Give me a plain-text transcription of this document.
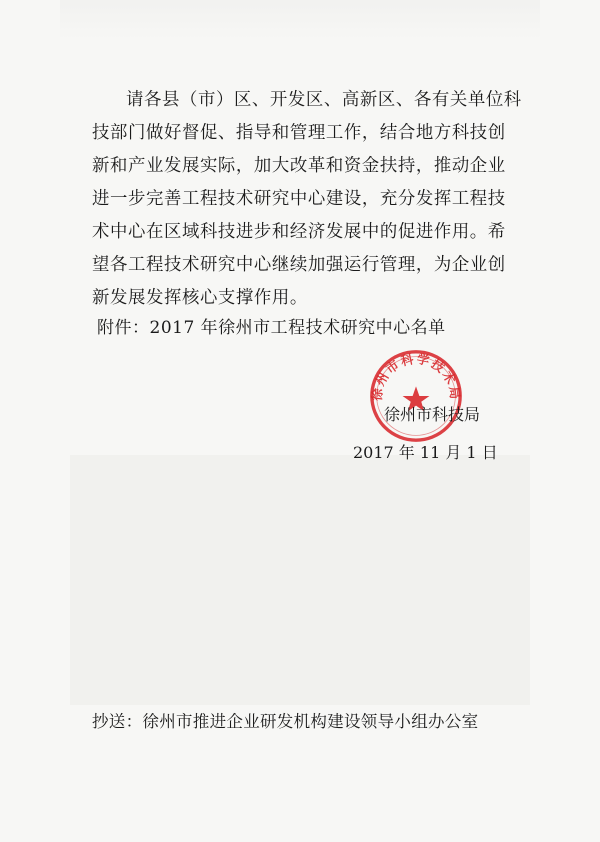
请各县（市）区、开发区、高新区、各有关单位科技部门做好督促、指导和管理工作，结合地方科技创新和产业发展实际，加大改革和资金扶持，推动企业进一步完善工程技术研究中心建设，充分发挥工程技术中心在区域科技进步和经济发展中的促进作用。希望各工程技术研究中心继续加强运行管理，为企业创新发展发挥核心支撑作用。

附件：2017 年徐州市工程技术研究中心名单
徐州市科学技术局
徐州市科技局
2017 年 11 月 1 日
抄送：徐州市推进企业研发机构建设领导小组办公室
